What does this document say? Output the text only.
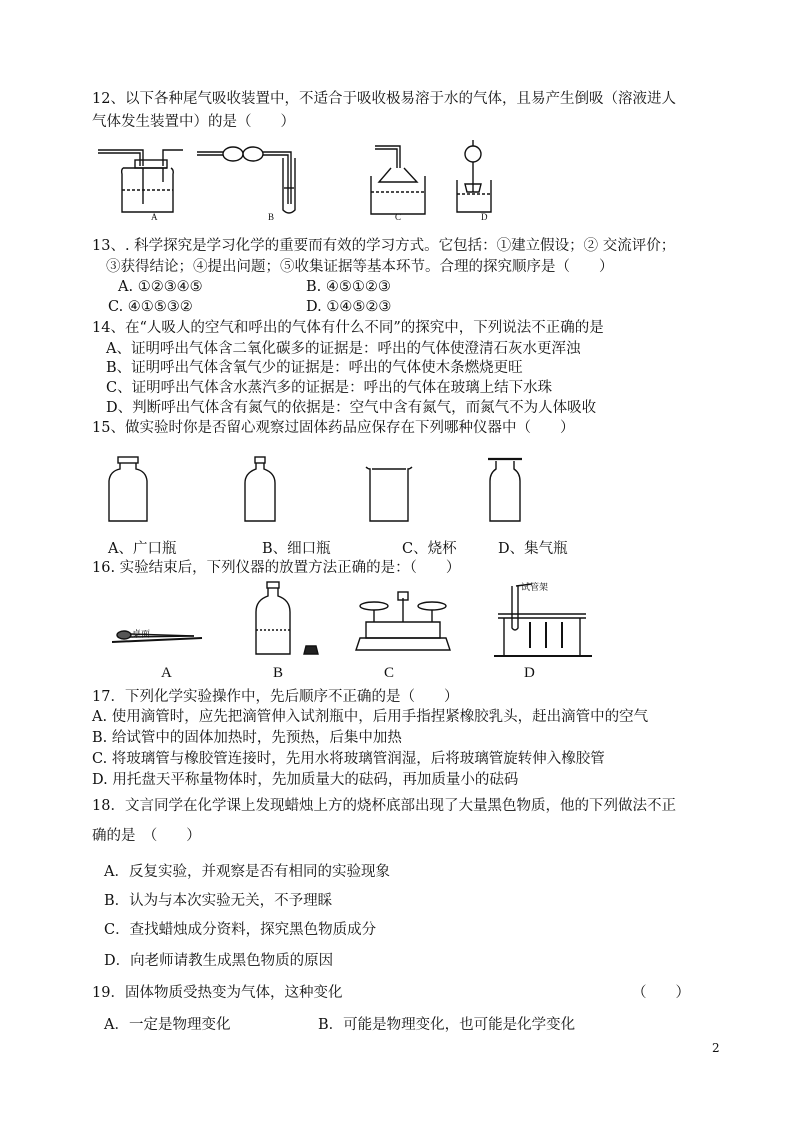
12、以下各种尾气吸收装置中，不适合于吸收极易溶于水的气体，且易产生倒吸（溶液进人
气体发生装置中）的是（　　）
A	B	C	D
13、. 科学探究是学习化学的重要而有效的学习方式。它包括：①建立假设；② 交流评价；
③获得结论；④提出问题；⑤收集证据等基本环节。合理的探究顺序是（　　）
A. ①②③④⑤	B. ④⑤①②③
C. ④①⑤③②	D. ①④⑤②③
14、在“人吸人的空气和呼出的气体有什么不同”的探究中，下列说法不正确的是
A、证明呼出气体含二氧化碳多的证据是：呼出的气体使澄清石灰水更浑浊
B、证明呼出气体含氧气少的证据是：呼出的气体使木条燃烧更旺
C、证明呼出气体含水蒸汽多的证据是：呼出的气体在玻璃上结下水珠
D、判断呼出气体含有氮气的依据是：空气中含有氮气，而氮气不为人体吸收
15、做实验时你是否留心观察过固体药品应保存在下列哪种仪器中（　　）
A、广口瓶	B、细口瓶	C、烧杯	D、集气瓶
16. 实验结束后，下列仪器的放置方法正确的是：（　　）
桌面
试管架
A	B	C	D
17．下列化学实验操作中，先后顺序不正确的是（　　）
A. 使用滴管时，应先把滴管伸入试剂瓶中，后用手指捏紧橡胶乳头，赶出滴管中的空气
B. 给试管中的固体加热时，先预热，后集中加热
C. 将玻璃管与橡胶管连接时，先用水将玻璃管润湿，后将玻璃管旋转伸入橡胶管
D. 用托盘天平称量物体时，先加质量大的砝码，再加质量小的砝码
18．文言同学在化学课上发现蜡烛上方的烧杯底部出现了大量黑色物质，他的下列做法不正
确的是　（　　）
A．反复实验，并观察是否有相同的实验现象
B．认为与本次实验无关，不予理睬
C．查找蜡烛成分资料，探究黑色物质成分
D．向老师请教生成黑色物质的原因
19．固体物质受热变为气体，这种变化	（　　）
A．一定是物理变化	B．可能是物理变化，也可能是化学变化
2
